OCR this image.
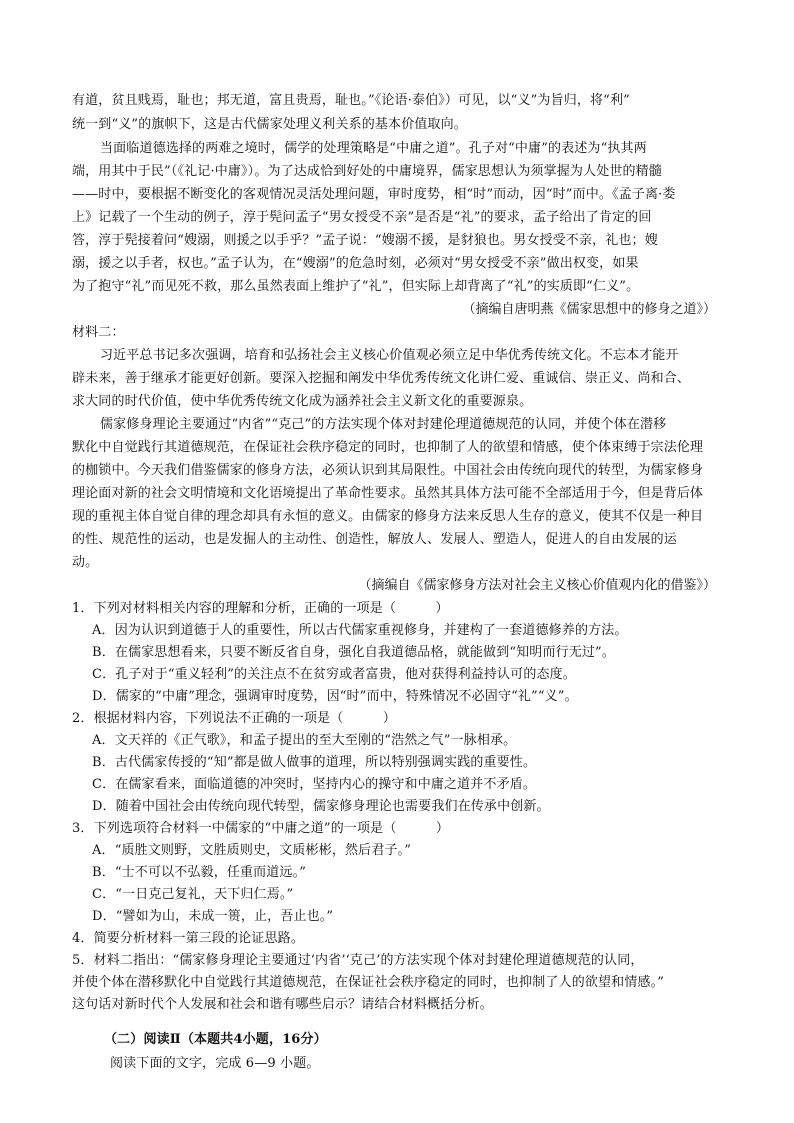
有道，贫且贱焉，耻也；邦无道，富且贵焉，耻也。”《论语·泰伯》）可见，以“义”为旨归，将“利”
统一到“义”的旗帜下，这是古代儒家处理义利关系的基本价值取向。
当面临道德选择的两难之境时，儒学的处理策略是“中庸之道”。孔子对“中庸”的表述为“执其两
端，用其中于民”（《礼记·中庸》）。为了达成恰到好处的中庸境界，儒家思想认为须掌握为人处世的精髓
——时中，要根据不断变化的客观情况灵活处理问题，审时度势，相“时”而动，因“时”而中。《孟子离·娄
上》记载了一个生动的例子，淳于髡问孟子“男女授受不亲”是否是“礼”的要求，孟子给出了肯定的回
答，淳于髡接着问“嫂溺，则援之以手乎？”孟子说：“嫂溺不援，是豺狼也。男女授受不亲，礼也；嫂
溺，援之以手者，权也。”孟子认为，在“嫂溺”的危急时刻，必须对“男女授受不亲”做出权变，如果
为了抱守“礼”而见死不救，那么虽然表面上维护了“礼”，但实际上却背离了“礼”的实质即“仁义”。
（摘编自唐明燕《儒家思想中的修身之道》）
材料二：
习近平总书记多次强调，培育和弘扬社会主义核心价值观必须立足中华优秀传统文化。不忘本才能开
辟未来，善于继承才能更好创新。要深入挖掘和阐发中华优秀传统文化讲仁爱、重诚信、崇正义、尚和合、
求大同的时代价值，使中华优秀传统文化成为涵养社会主义新文化的重要源泉。
儒家修身理论主要通过“内省”“克己”的方法实现个体对封建伦理道德规范的认同，并使个体在潜移
默化中自觉践行其道德规范，在保证社会秩序稳定的同时，也抑制了人的欲望和情感，使个体束缚于宗法伦理
的枷锁中。今天我们借鉴儒家的修身方法，必须认识到其局限性。中国社会由传统向现代的转型，为儒家修身
理论面对新的社会文明情境和文化语境提出了革命性要求。虽然其具体方法可能不全部适用于今，但是背后体
现的重视主体自觉自律的理念却具有永恒的意义。由儒家的修身方法来反思人生存的意义，使其不仅是一种目
的性、规范性的运动，也是发掘人的主动性、创造性，解放人、发展人、塑造人，促进人的自由发展的运
动。
（摘编自《儒家修身方法对社会主义核心价值观内化的借鉴》）
1．下列对材料相关内容的理解和分析，正确的一项是（　　　）
A．因为认识到道德于人的重要性，所以古代儒家重视修身，并建构了一套道德修养的方法。
B．在儒家思想看来，只要不断反省自身，强化自我道德品格，就能做到“知明而行无过”。
C．孔子对于“重义轻利”的关注点不在贫穷或者富贵，他对获得利益持认可的态度。
D．儒家的“中庸”理念，强调审时度势，因“时”而中，特殊情况不必固守“礼”“义”。
2．根据材料内容，下列说法不正确的一项是（　　　）
A．文天祥的《正气歌》，和孟子提出的至大至刚的“浩然之气”一脉相承。
B．古代儒家传授的“知”都是做人做事的道理，所以特别强调实践的重要性。
C．在儒家看来，面临道德的冲突时，坚持内心的操守和中庸之道并不矛盾。
D．随着中国社会由传统向现代转型，儒家修身理论也需要我们在传承中创新。
3．下列选项符合材料一中儒家的“中庸之道”的一项是（　　　）
A．“质胜文则野，文胜质则史，文质彬彬，然后君子。”
B．“士不可以不弘毅，任重而道远。”
C．“一日克己复礼，天下归仁焉。”
D．“譬如为山，未成一篑，止，吾止也。”
4．简要分析材料一第三段的论证思路。
5．材料二指出：“儒家修身理论主要通过‘内省’‘克己’的方法实现个体对封建伦理道德规范的认同，
并使个体在潜移默化中自觉践行其道德规范，在保证社会秩序稳定的同时，也抑制了人的欲望和情感。”
这句话对新时代个人发展和社会和谐有哪些启示？请结合材料概括分析。
（二）阅读Ⅱ（本题共4小题，16分）
阅读下面的文字，完成 6—9 小题。
